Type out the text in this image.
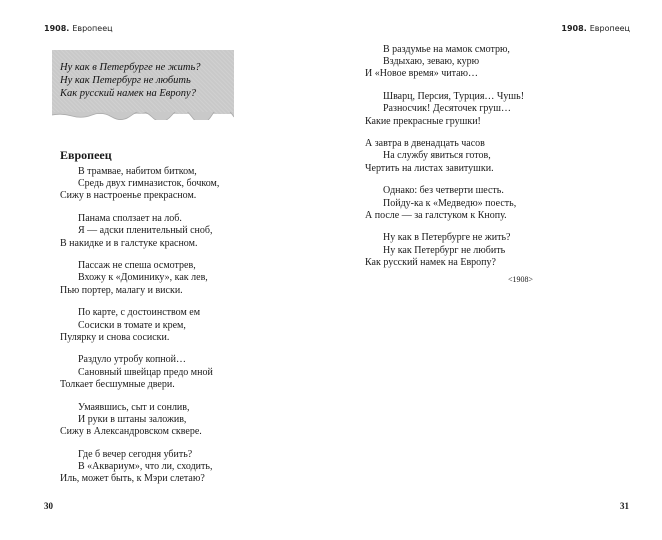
1908. Европеец
Ну как в Петербурге не жить?
Ну как Петербург не любить
Как русский намек на Европу?
Европеец
В трамвае, набитом битком,
Средь двух гимназисток, бочком,
Сижу в настроенье прекрасном.
Панама сползает на лоб.
Я — адски пленительный сноб,
В накидке и в галстуке красном.
Пассаж не спеша осмотрев,
Вхожу к «Доминику», как лев,
Пью портер, малагу и виски.
По карте, с достоинством ем
Сосиски в томате и крем,
Пулярку и снова сосиски.
Раздуло утробу копной…
Сановный швейцар предо мной
Толкает бесшумные двери.
Умаявшись, сыт и сонлив,
И руки в штаны заложив,
Сижу в Александровском сквере.
Где б вечер сегодня убить?
В «Аквариум», что ли, сходить,
Иль, может быть, к Мэри слетаю?
30
1908. Европеец
В раздумье на мамок смотрю,
Вздыхаю, зеваю, курю
И «Новое время» читаю…
Шварц, Персия, Турция… Чушь!
Разносчик! Десяточек груш…
Какие прекрасные грушки!
А завтра в двенадцать часов
На службу явиться готов,
Чертить на листах завитушки.
Однако: без четверти шесть.
Пойду-ка к «Медведю» поесть,
А после — за галстуком к Кнопу.
Ну как в Петербурге не жить?
Ну как Петербург не любить
Как русский намек на Европу?
<1908>
31
